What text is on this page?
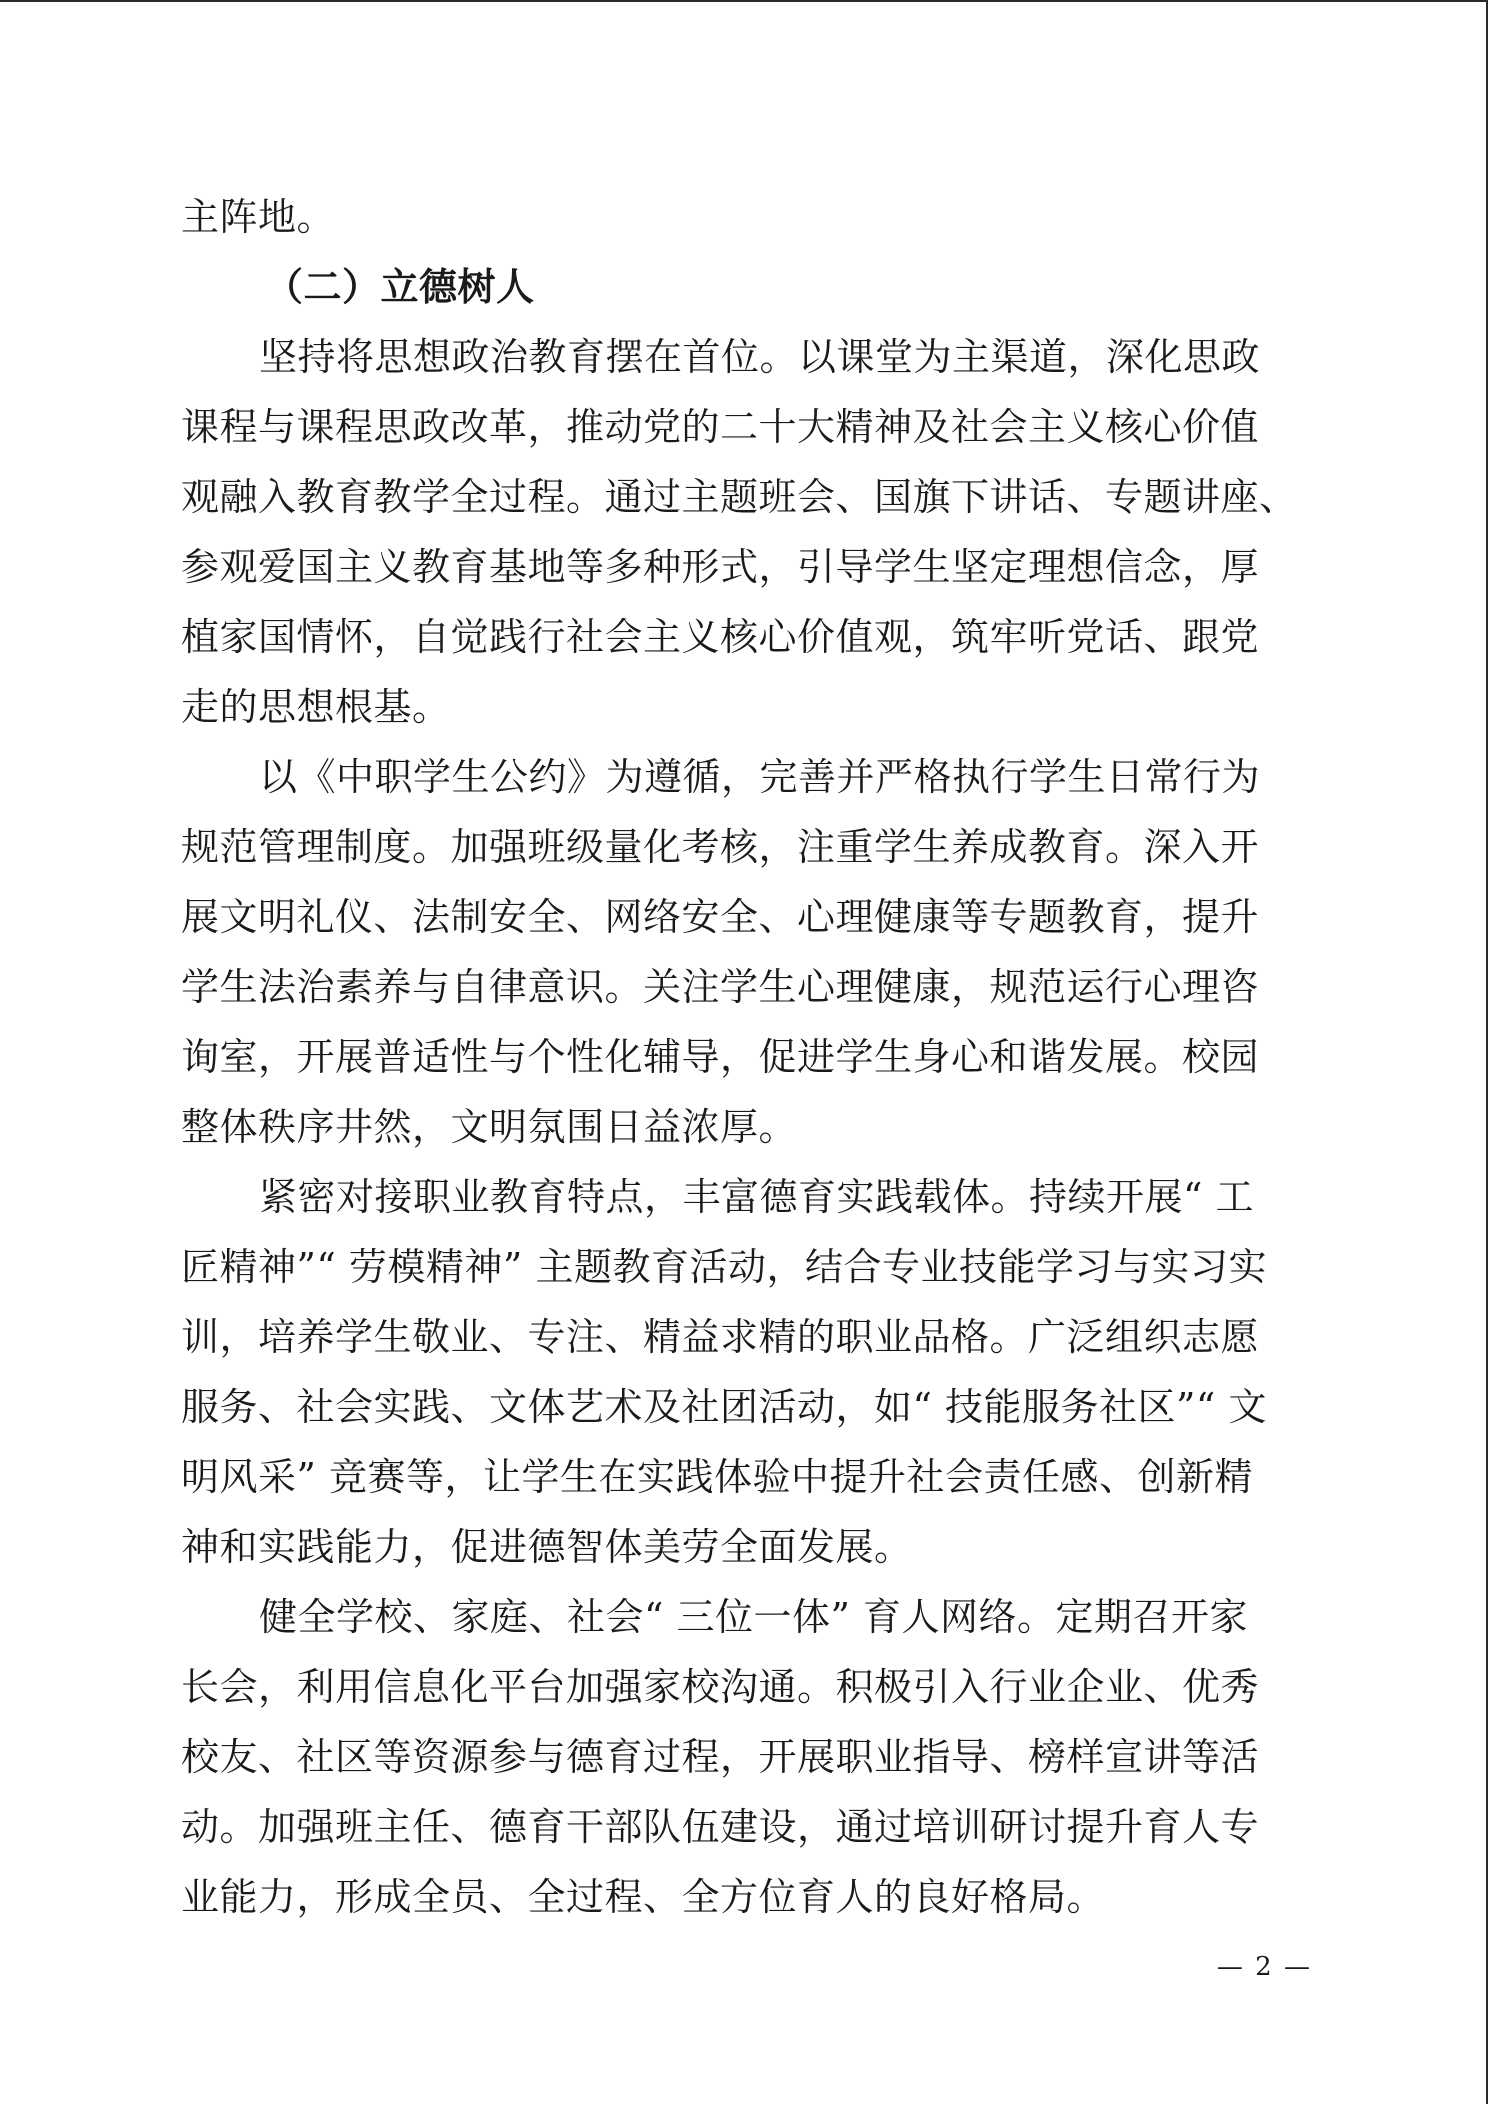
主阵地。
（二）立德树人
坚持将思想政治教育摆在首位。以课堂为主渠道，深化思政
课程与课程思政改革，推动党的二十大精神及社会主义核心价值
观融入教育教学全过程。通过主题班会、国旗下讲话、专题讲座、
参观爱国主义教育基地等多种形式，引导学生坚定理想信念，厚
植家国情怀，自觉践行社会主义核心价值观，筑牢听党话、跟党
走的思想根基。
以《中职学生公约》为遵循，完善并严格执行学生日常行为
规范管理制度。加强班级量化考核，注重学生养成教育。深入开
展文明礼仪、法制安全、网络安全、心理健康等专题教育，提升
学生法治素养与自律意识。关注学生心理健康，规范运行心理咨
询室，开展普适性与个性化辅导，促进学生身心和谐发展。校园
整体秩序井然，文明氛围日益浓厚。
紧密对接职业教育特点，丰富德育实践载体。持续开展“ 工
匠精神”“ 劳模精神” 主题教育活动，结合专业技能学习与实习实
训，培养学生敬业、专注、精益求精的职业品格。广泛组织志愿
服务、社会实践、文体艺术及社团活动，如“ 技能服务社区”“ 文
明风采” 竞赛等，让学生在实践体验中提升社会责任感、创新精
神和实践能力，促进德智体美劳全面发展。
健全学校、家庭、社会“ 三位一体” 育人网络。定期召开家
长会，利用信息化平台加强家校沟通。积极引入行业企业、优秀
校友、社区等资源参与德育过程，开展职业指导、榜样宣讲等活
动。加强班主任、德育干部队伍建设，通过培训研讨提升育人专
业能力，形成全员、全过程、全方位育人的良好格局。
— 2 —
